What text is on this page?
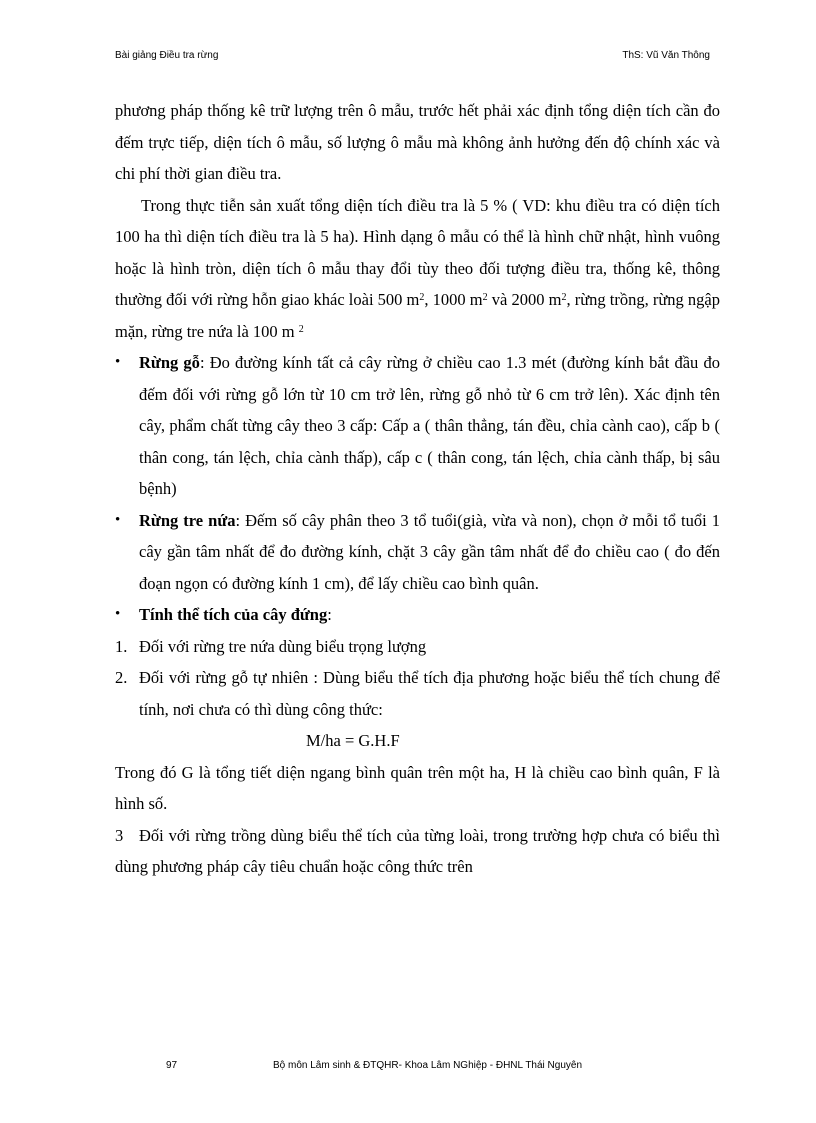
Bài giảng Điều tra rừng	ThS: Vũ Văn Thông

phương pháp thống kê trữ lượng trên ô mẫu, trước hết phải xác định tổng diện tích cần đo đếm trực tiếp, diện tích ô mẫu, số lượng ô mẫu mà không ảnh hưởng đến độ chính xác và chi phí thời gian điều tra.

Trong thực tiễn sản xuất tổng diện tích điều tra là 5 % ( VD: khu điều tra có diện tích 100 ha thì diện tích điều tra là 5 ha). Hình dạng ô mẫu có thể là hình chữ nhật, hình vuông hoặc là hình tròn, diện tích ô mẫu thay đổi tùy theo đối tượng điều tra, thống kê, thông thường đối với rừng hỗn giao khác loài 500 $m^2$, 1000 $m^2$ và 2000 $m^2$, rừng trồng, rừng ngập mặn, rừng tre nứa là 100 m $^2$

• Rừng gỗ: Đo đường kính tất cả cây rừng ở chiều cao 1.3 mét (đường kính bắt đầu đo đếm đối với rừng gỗ lớn từ 10 cm trở lên, rừng gỗ nhỏ từ 6 cm trở lên). Xác định tên cây, phẩm chất từng cây theo 3 cấp: Cấp a ( thân thẳng, tán đều, chỉa cành cao), cấp b ( thân cong, tán lệch, chỉa cành thấp), cấp c ( thân cong, tán lệch, chỉa cành thấp, bị sâu bệnh)

• Rừng tre nứa: Đếm số cây phân theo 3 tổ tuổi(già, vừa và non), chọn ở mỗi tổ tuổi 1 cây gần tâm nhất để đo đường kính, chặt 3 cây gần tâm nhất để đo chiều cao ( đo đến đoạn ngọn có đường kính 1 cm), để lấy chiều cao bình quân.

• Tính thể tích của cây đứng:

1. Đối với rừng tre nứa dùng biểu trọng lượng

2. Đối với rừng gỗ tự nhiên : Dùng biểu thể tích địa phương hoặc biểu thể tích chung để tính, nơi chưa có thì dùng công thức:

M/ha = G.H.F

Trong đó G là tổng tiết diện ngang bình quân trên một ha, H là chiều cao bình quân, F là hình số.

3 Đối với rừng trồng dùng biểu thể tích của từng loài, trong trường hợp chưa có biểu thì dùng phương pháp cây tiêu chuẩn hoặc công thức trên

97	Bộ môn Lâm sinh & ĐTQHR- Khoa Lâm NGhiệp - ĐHNL Thái Nguyên
